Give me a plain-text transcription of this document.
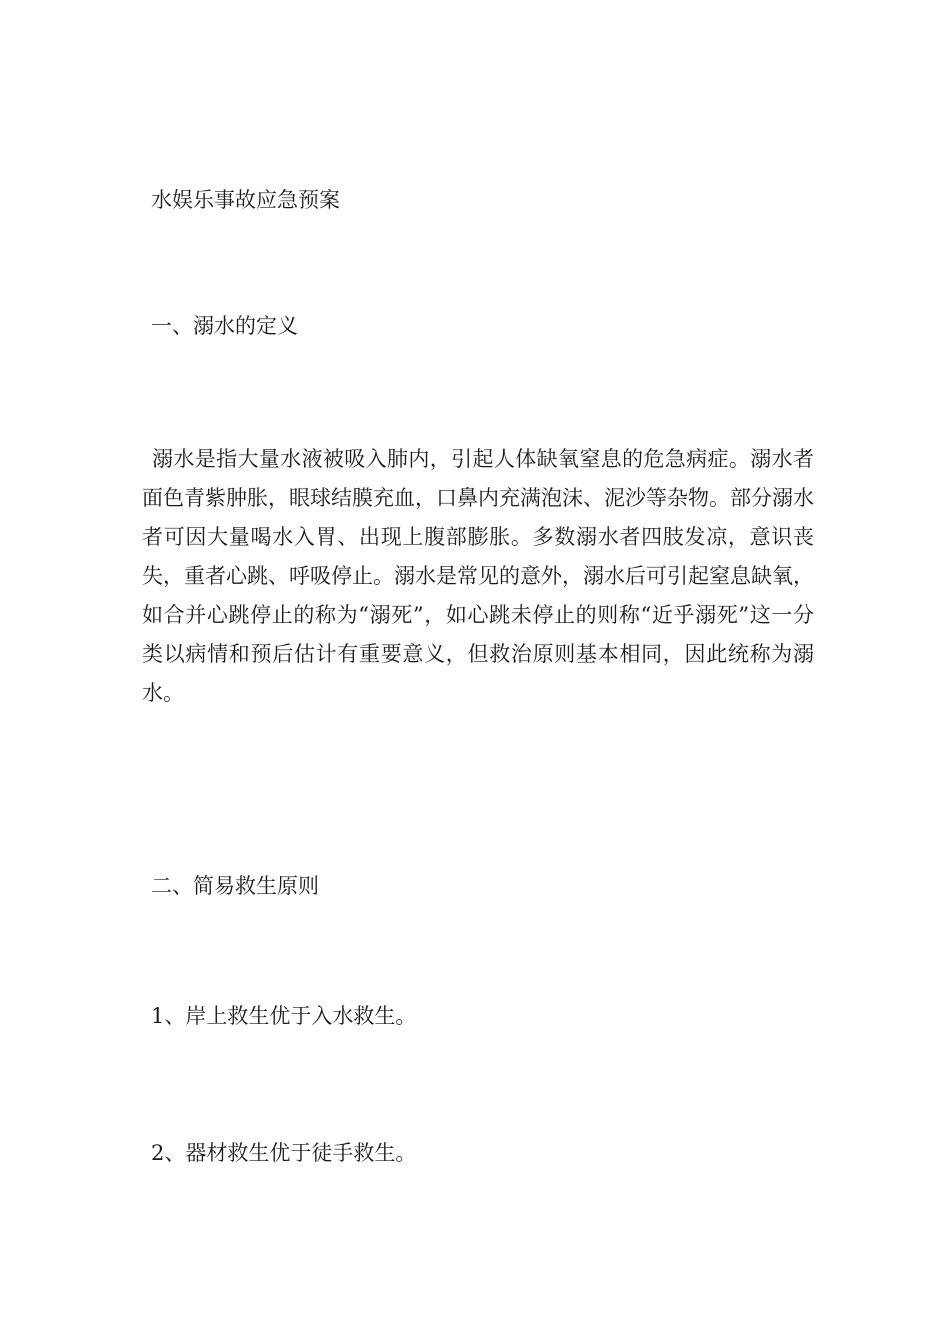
水娱乐事故应急预案

一、溺水的定义

溺水是指大量水液被吸入肺内，引起人体缺氧窒息的危急病症。溺水者面色青紫肿胀，眼球结膜充血，口鼻内充满泡沫、泥沙等杂物。部分溺水者可因大量喝水入胃、出现上腹部膨胀。多数溺水者四肢发凉，意识丧失，重者心跳、呼吸停止。溺水是常见的意外，溺水后可引起窒息缺氧，如合并心跳停止的称为“溺死”，如心跳未停止的则称“近乎溺死”这一分类以病情和预后估计有重要意义，但救治原则基本相同，因此统称为溺水。

二、简易救生原则

1、岸上救生优于入水救生。

2、器材救生优于徒手救生。
